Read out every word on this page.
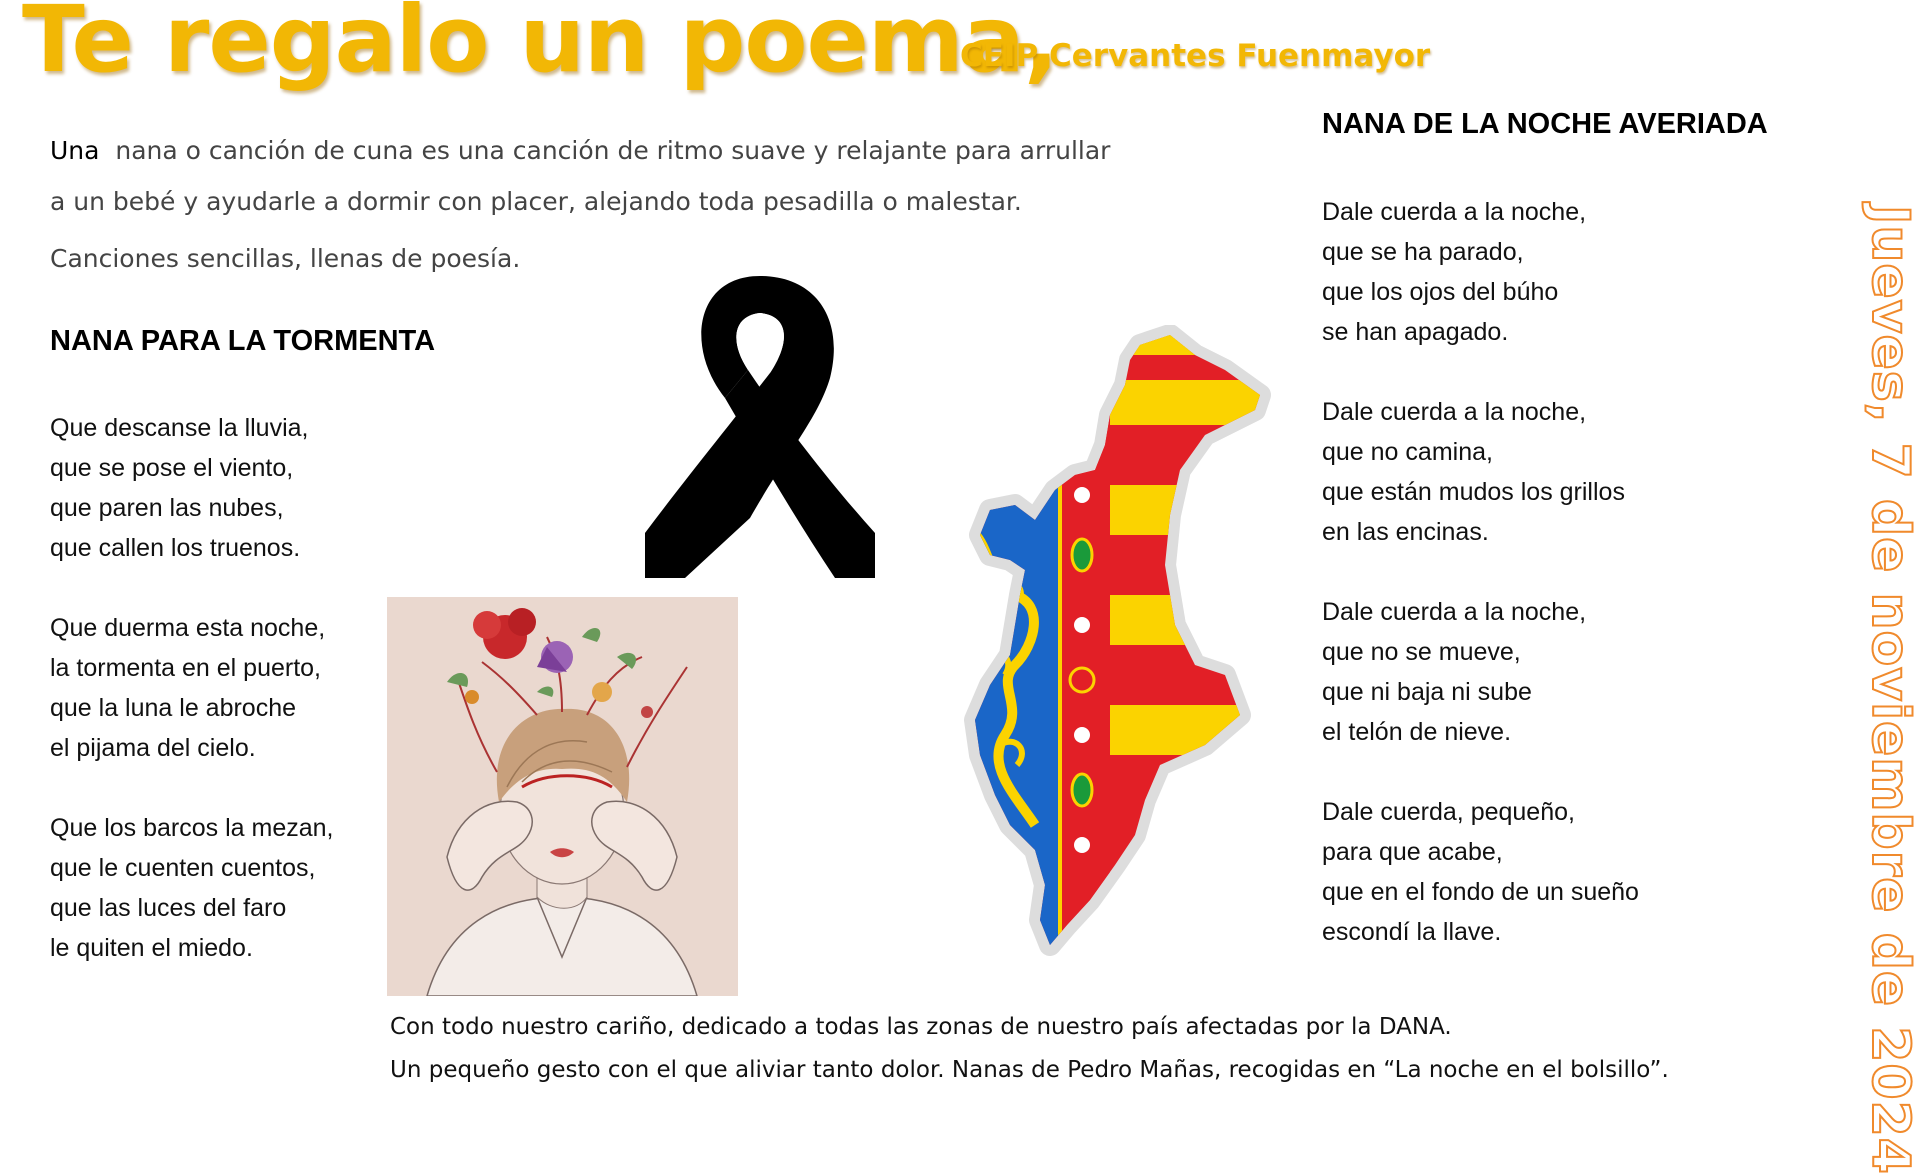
Te regalo un poema,
CEIP Cervantes Fuenmayor

Una  nana o canción de cuna es una canción de ritmo suave y relajante para arrullar

a un bebé y ayudarle a dormir con placer, alejando toda pesadilla o malestar.

Canciones sencillas, llenas de poesía.

NANA PARA LA TORMENTA
Que descanse la lluvia,
que se pose el viento,
que paren las nubes,
que callen los truenos.
Que duerma esta noche,
la tormenta en el puerto,
que la luna le abroche
el pijama del cielo.
Que los barcos la mezan,
que le cuenten cuentos,
que las luces del faro
le quiten el miedo.
NANA DE LA NOCHE AVERIADA
Dale cuerda a la noche,
que se ha parado,
que los ojos del búho
se han apagado.
Dale cuerda a la noche,
que no camina,
que están mudos los grillos
en las encinas.
Dale cuerda a la noche,
que no se mueve,
que ni baja ni sube
el telón de nieve.
Dale cuerda, pequeño,
para que acabe,
que en el fondo de un sueño
escondí la llave.	Jueves, 7 de noviembre de 2024
Con todo nuestro cariño, dedicado a todas las zonas de nuestro país afectadas por la DANA.
Un pequeño gesto con el que aliviar tanto dolor. Nanas de Pedro Mañas, recogidas en “La noche en el bolsillo”.
